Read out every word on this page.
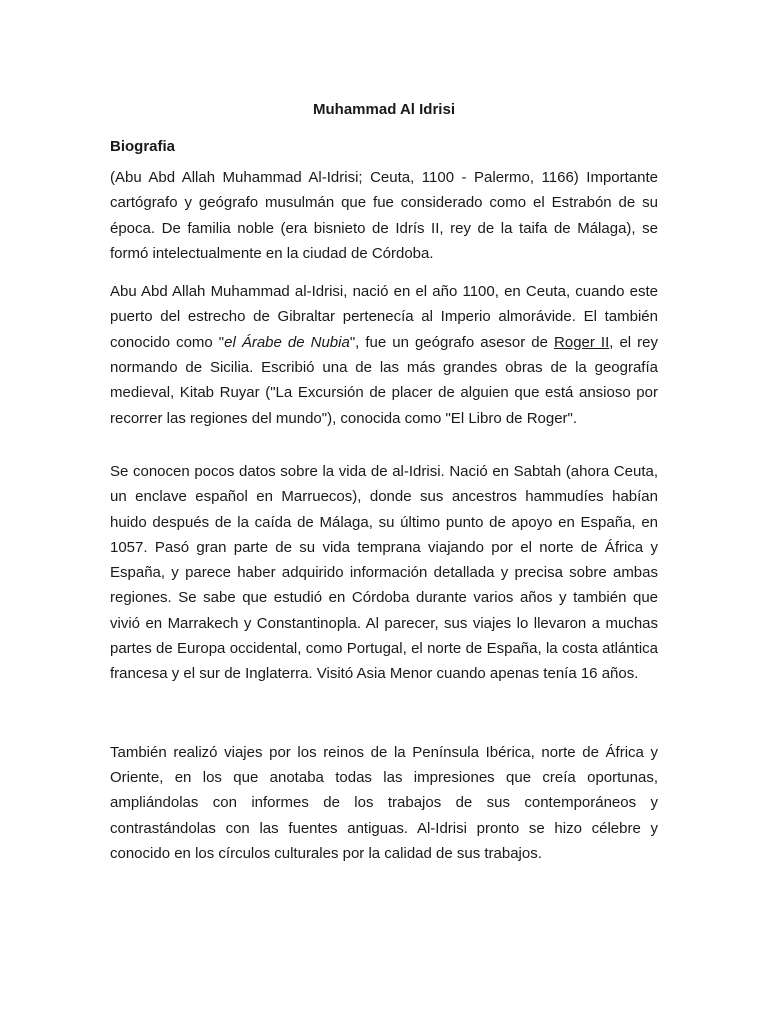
Muhammad Al Idrisi
Biografia

(Abu Abd Allah Muhammad Al-Idrisi; Ceuta, 1100 - Palermo, 1166) Importante cartógrafo y geógrafo musulmán que fue considerado como el Estrabón de su época. De familia noble (era bisnieto de Idrís II, rey de la taifa de Málaga), se formó intelectualmente en la ciudad de Córdoba.

Abu Abd Allah Muhammad al-Idrisi, nació en el año 1100, en Ceuta, cuando este puerto del estrecho de Gibraltar pertenecía al Imperio almorávide. El también conocido como "el Árabe de Nubia", fue un geógrafo asesor de Roger II, el rey normando de Sicilia. Escribió una de las más grandes obras de la geografía medieval, Kitab Ruyar ("La Excursión de placer de alguien que está ansioso por recorrer las regiones del mundo"), conocida como "El Libro de Roger".

Se conocen pocos datos sobre la vida de al-Idrisi. Nació en Sabtah (ahora Ceuta, un enclave español en Marruecos), donde sus ancestros hammudíes habían huido después de la caída de Málaga, su último punto de apoyo en España, en 1057. Pasó gran parte de su vida temprana viajando por el norte de África y España, y parece haber adquirido información detallada y precisa sobre ambas regiones. Se sabe que estudió en Córdoba durante varios años y también que vivió en Marrakech y Constantinopla. Al parecer, sus viajes lo llevaron a muchas partes de Europa occidental, como Portugal, el norte de España, la costa atlántica francesa y el sur de Inglaterra. Visitó Asia Menor cuando apenas tenía 16 años.

También realizó viajes por los reinos de la Península Ibérica, norte de África y Oriente, en los que anotaba todas las impresiones que creía oportunas, ampliándolas con informes de los trabajos de sus contemporáneos y contrastándolas con las fuentes antiguas. Al-Idrisi pronto se hizo célebre y conocido en los círculos culturales por la calidad de sus trabajos.
